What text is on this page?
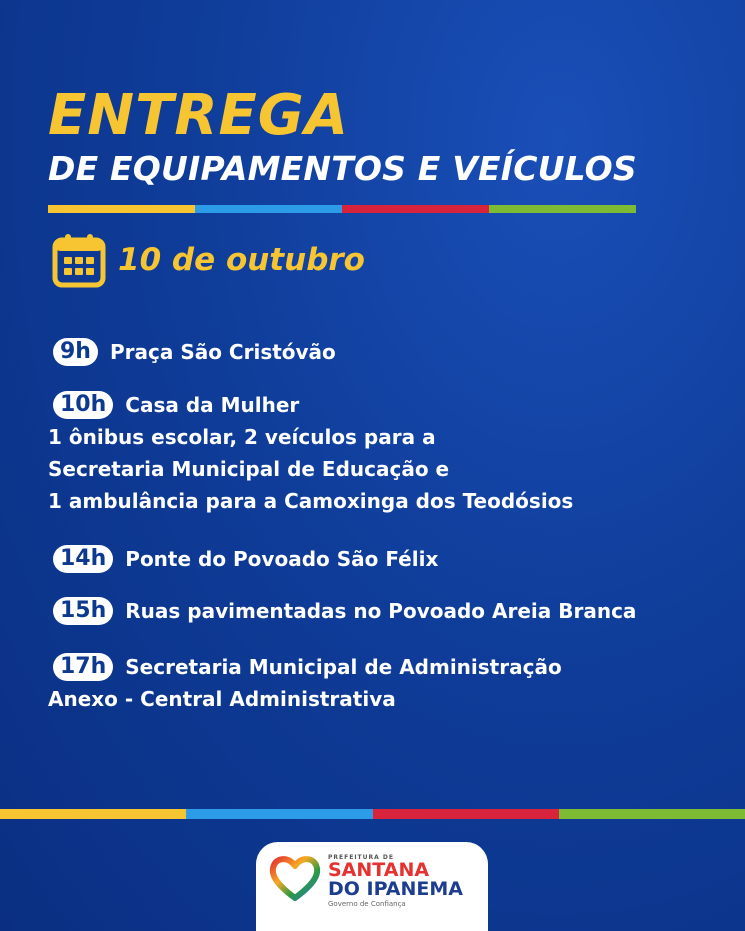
ENTREGA
DE EQUIPAMENTOS E VEÍCULOS
10 de outubro
9h Praça São Cristóvão
10h Casa da Mulher
1 ônibus escolar, 2 veículos para a
Secretaria Municipal de Educação e
1 ambulância para a Camoxinga dos Teodósios
14h Ponte do Povoado São Félix
15h Ruas pavimentadas no Povoado Areia Branca
17h Secretaria Municipal de Administração
Anexo - Central Administrativa
PREFEITURA DE
SANTANA
DO IPANEMA
Governo de Confiança
